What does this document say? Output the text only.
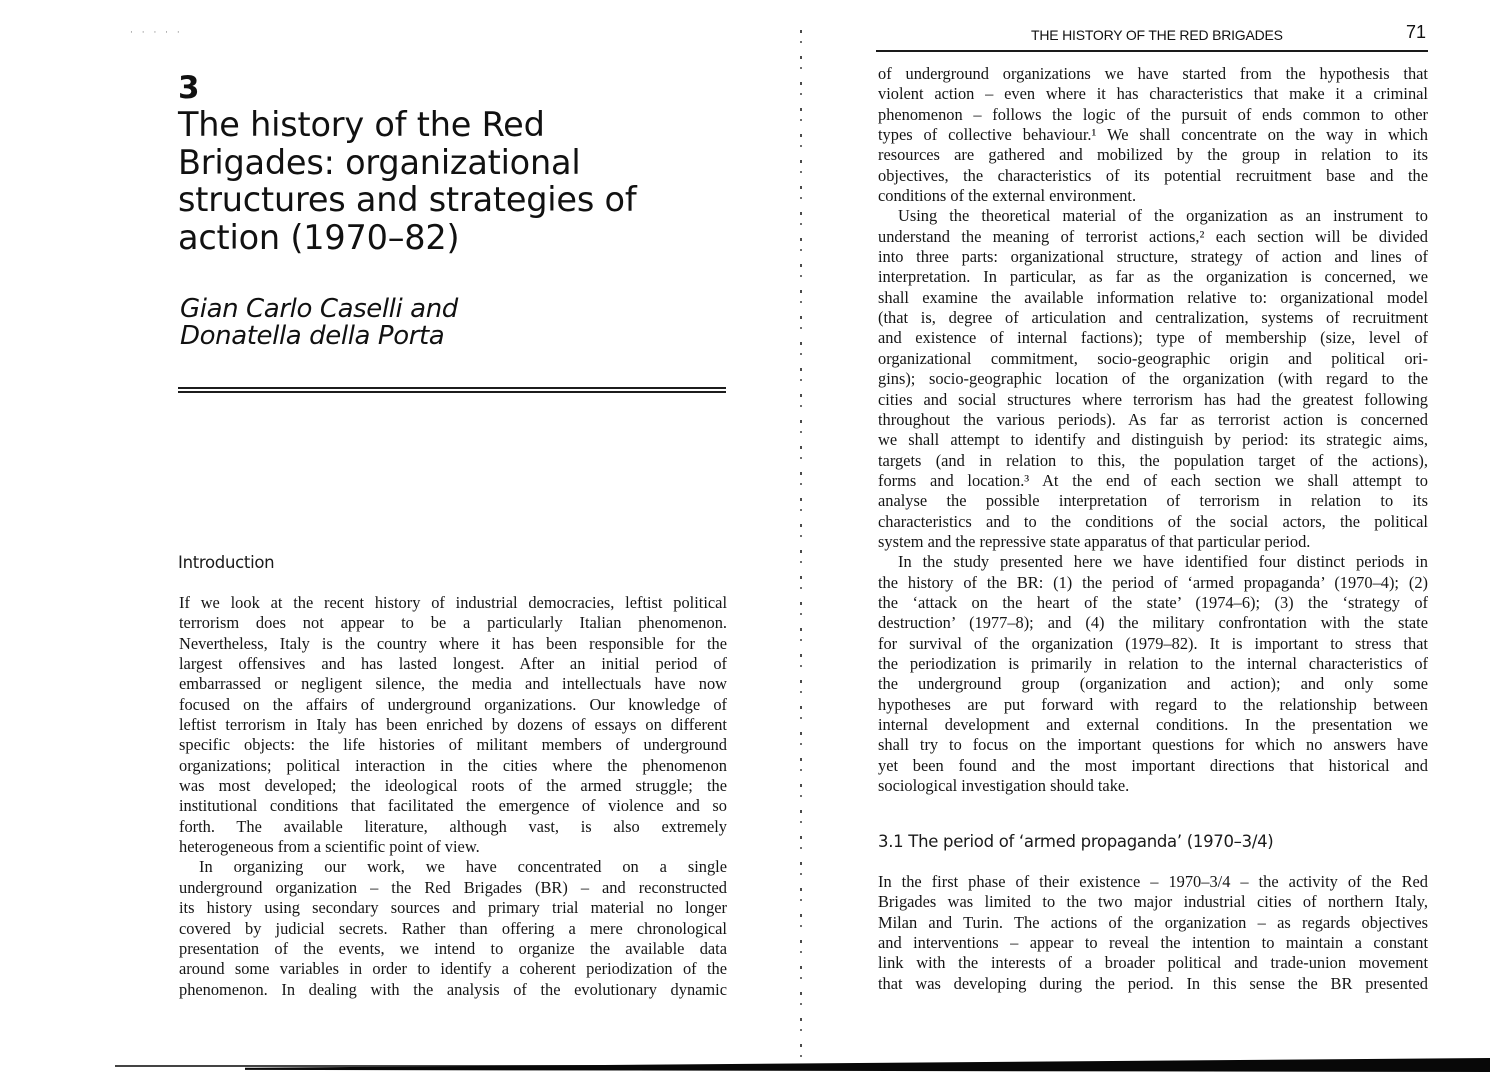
· · · · ·
3
The history of the Red
Brigades: organizational
structures and strategies of
action (1970–82)
Gian Carlo Caselli and
Donatella della Porta
Introduction
If we look at the recent history of industrial democracies, leftist political
terrorism does not appear to be a particularly Italian phenomenon.
Nevertheless, Italy is the country where it has been responsible for the
largest offensives and has lasted longest. After an initial period of
embarrassed or negligent silence, the media and intellectuals have now
focused on the affairs of underground organizations. Our knowledge of
leftist terrorism in Italy has been enriched by dozens of essays on different
specific objects: the life histories of militant members of underground
organizations; political interaction in the cities where the phenomenon
was most developed; the ideological roots of the armed struggle; the
institutional conditions that facilitated the emergence of violence and so
forth. The available literature, although vast, is also extremely
heterogeneous from a scientific point of view.
In organizing our work, we have concentrated on a single
underground organization – the Red Brigades (BR) – and reconstructed
its history using secondary sources and primary trial material no longer
covered by judicial secrets. Rather than offering a mere chronological
presentation of the events, we intend to organize the available data
around some variables in order to identify a coherent periodization of the
phenomenon. In dealing with the analysis of the evolutionary dynamic
THE HISTORY OF THE RED BRIGADES	71
of underground organizations we have started from the hypothesis that
violent action – even where it has characteristics that make it a criminal
phenomenon – follows the logic of the pursuit of ends common to other
types of collective behaviour.¹ We shall concentrate on the way in which
resources are gathered and mobilized by the group in relation to its
objectives, the characteristics of its potential recruitment base and the
conditions of the external environment.
Using the theoretical material of the organization as an instrument to
understand the meaning of terrorist actions,² each section will be divided
into three parts: organizational structure, strategy of action and lines of
interpretation. In particular, as far as the organization is concerned, we
shall examine the available information relative to: organizational model
(that is, degree of articulation and centralization, systems of recruitment
and existence of internal factions); type of membership (size, level of
organizational commitment, socio-geographic origin and political ori-
gins); socio-geographic location of the organization (with regard to the
cities and social structures where terrorism has had the greatest following
throughout the various periods). As far as terrorist action is concerned
we shall attempt to identify and distinguish by period: its strategic aims,
targets (and in relation to this, the population target of the actions),
forms and location.³ At the end of each section we shall attempt to
analyse the possible interpretation of terrorism in relation to its
characteristics and to the conditions of the social actors, the political
system and the repressive state apparatus of that particular period.
In the study presented here we have identified four distinct periods in
the history of the BR: (1) the period of ‘armed propaganda’ (1970–4); (2)
the ‘attack on the heart of the state’ (1974–6); (3) the ‘strategy of
destruction’ (1977–8); and (4) the military confrontation with the state
for survival of the organization (1979–82). It is important to stress that
the periodization is primarily in relation to the internal characteristics of
the underground group (organization and action); and only some
hypotheses are put forward with regard to the relationship between
internal development and external conditions. In the presentation we
shall try to focus on the important questions for which no answers have
yet been found and the most important directions that historical and
sociological investigation should take.
3.1 The period of ‘armed propaganda’ (1970–3/4)
In the first phase of their existence – 1970–3/4 – the activity of the Red
Brigades was limited to the two major industrial cities of northern Italy,
Milan and Turin. The actions of the organization – as regards objectives
and interventions – appear to reveal the intention to maintain a constant
link with the interests of a broader political and trade-union movement
that was developing during the period. In this sense the BR presented
